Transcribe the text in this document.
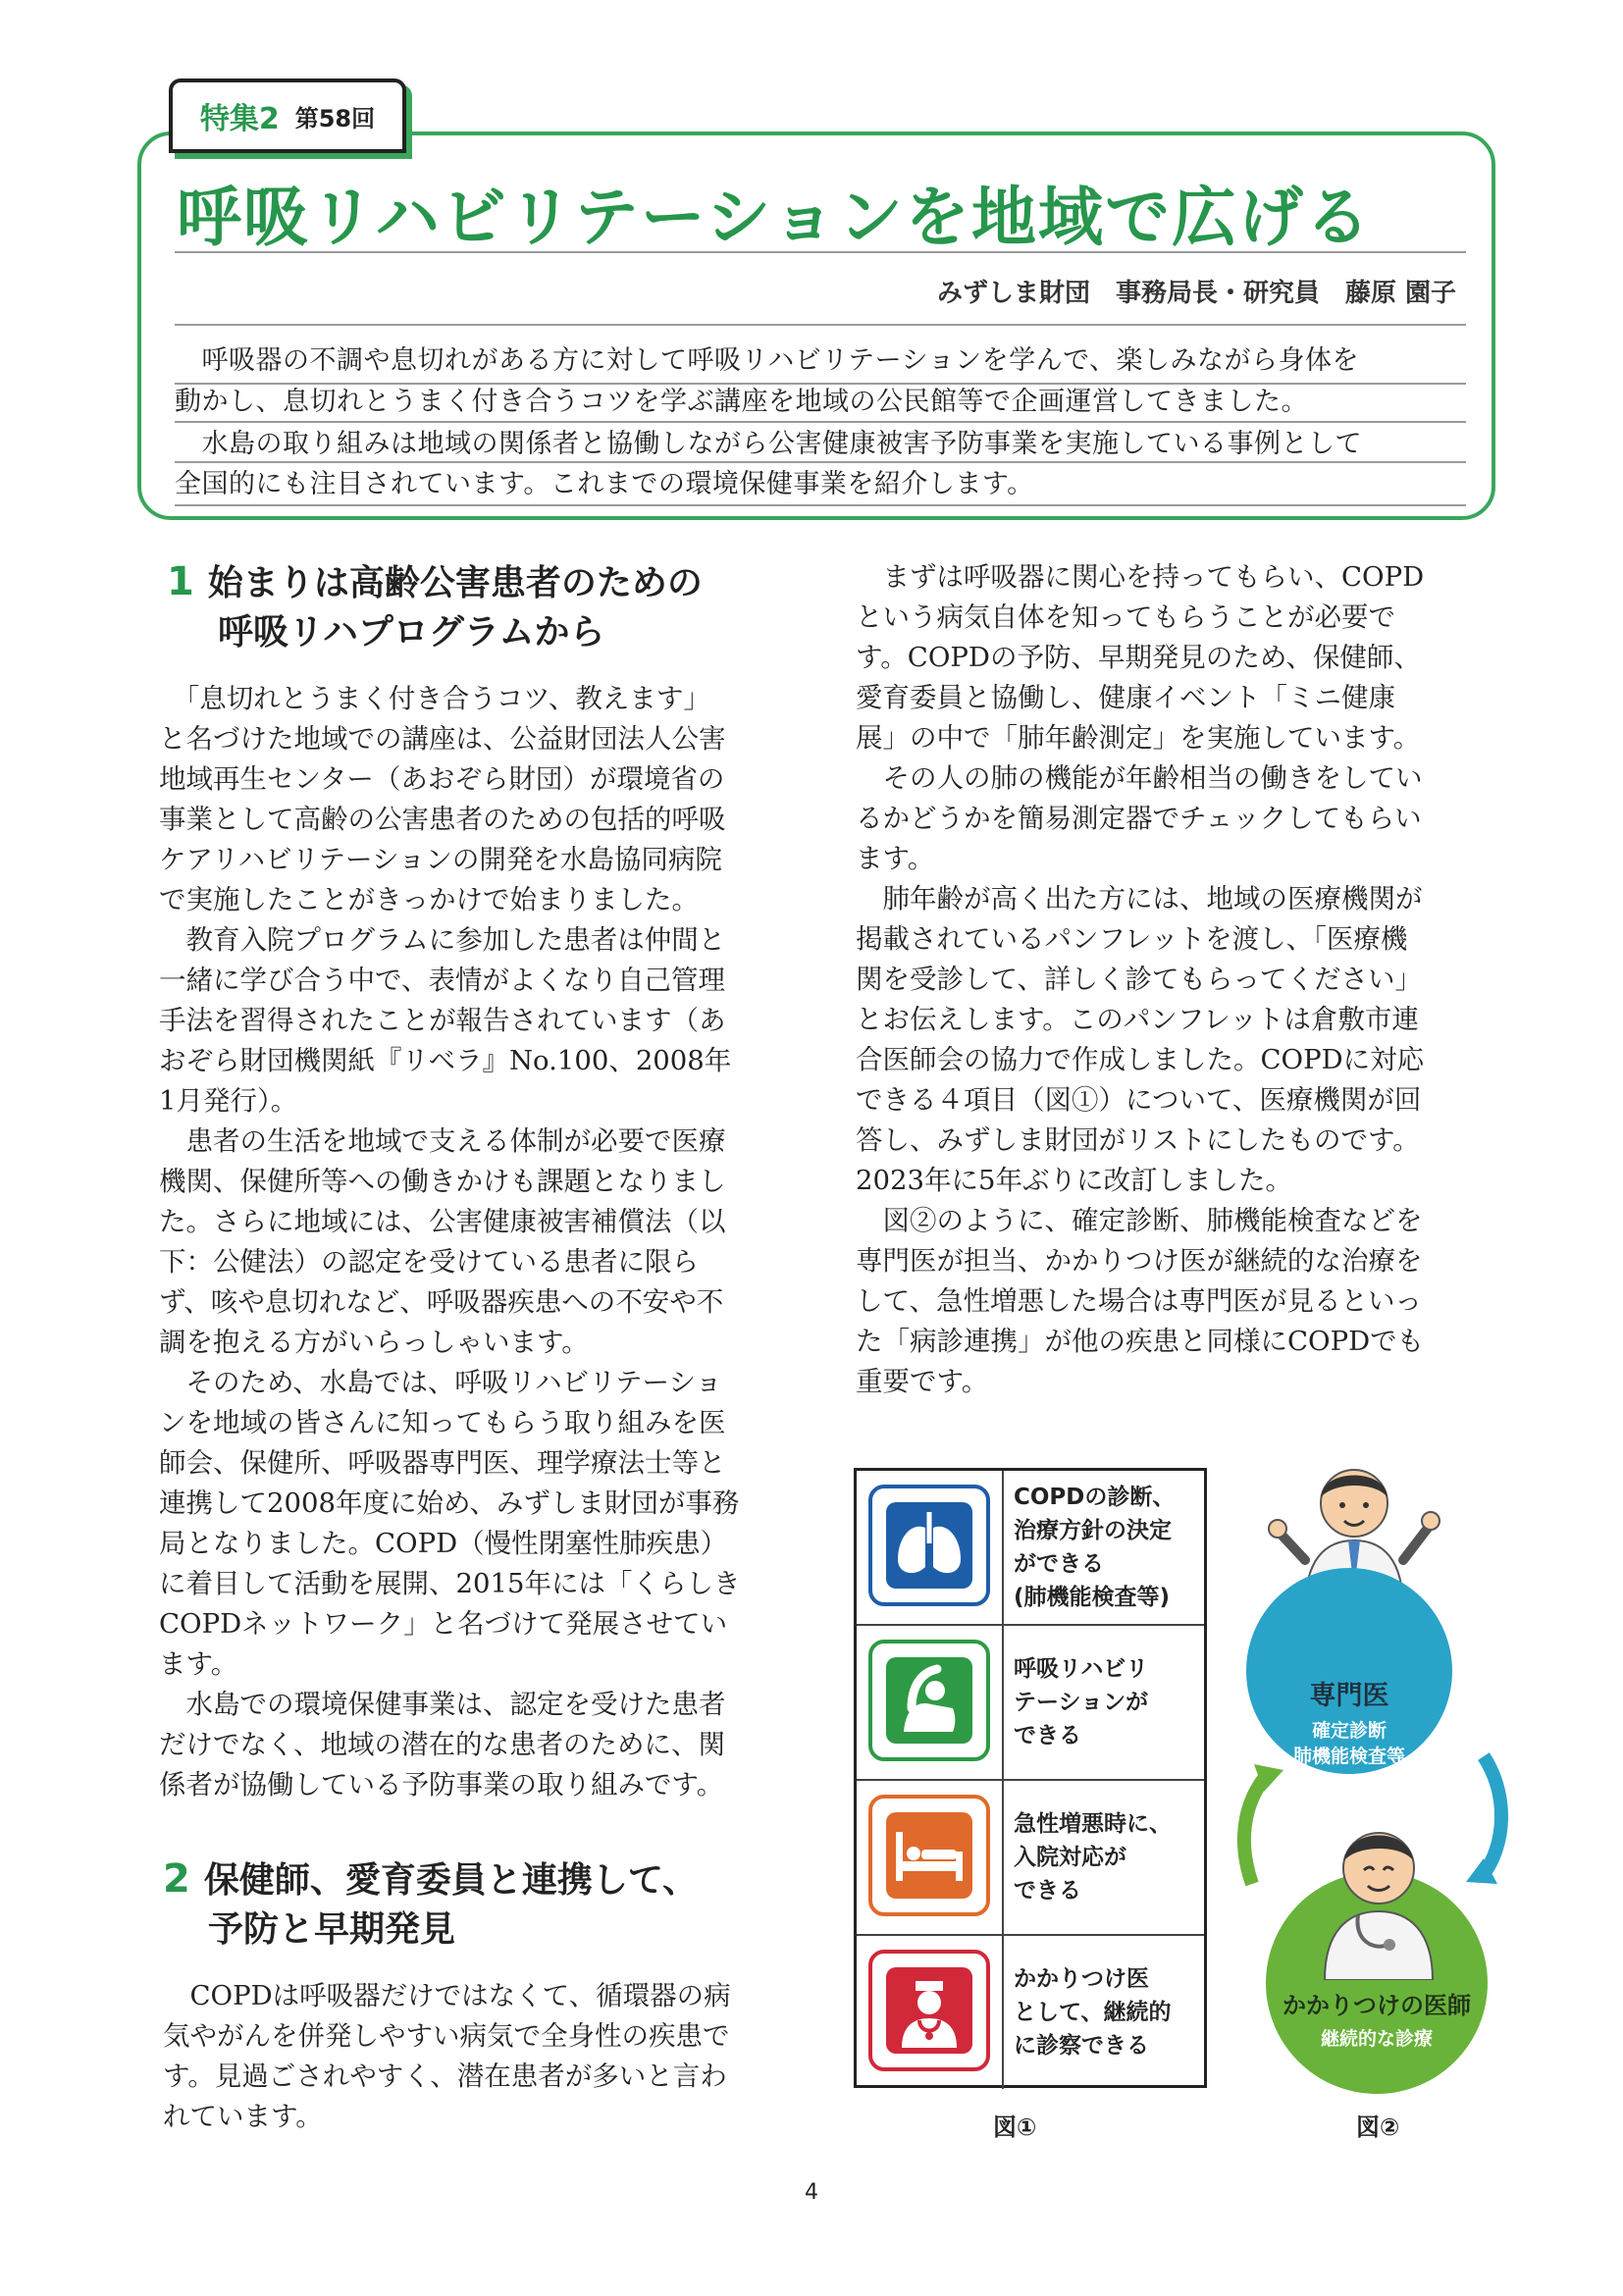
特集2 第58回
呼吸リハビリテーションを地域で広げる
みずしま財団　事務局長・研究員　藤原 園子
　呼吸器の不調や息切れがある方に対して呼吸リハビリテーションを学んで、楽しみながら身体を
動かし、息切れとうまく付き合うコツを学ぶ講座を地域の公民館等で企画運営してきました。
　水島の取り組みは地域の関係者と協働しながら公害健康被害予防事業を実施している事例として
全国的にも注目されています。これまでの環境保健事業を紹介します。
1 始まりは高齢公害患者のための
呼吸リハプログラムから

　「息切れとうまく付き合うコツ、教えます」

と名づけた地域での講座は、公益財団法人公害

地域再生センター（あおぞら財団）が環境省の

事業として高齢の公害患者のための包括的呼吸

ケアリハビリテーションの開発を水島協同病院

で実施したことがきっかけで始まりました。

　教育入院プログラムに参加した患者は仲間と

一緒に学び合う中で、表情がよくなり自己管理

手法を習得されたことが報告されています（あ

おぞら財団機関紙『リベラ』No.100、2008年

1月発行）。

　患者の生活を地域で支える体制が必要で医療

機関、保健所等への働きかけも課題となりまし

た。さらに地域には、公害健康被害補償法（以

下：公健法）の認定を受けている患者に限ら

ず、咳や息切れなど、呼吸器疾患への不安や不

調を抱える方がいらっしゃいます。

　そのため、水島では、呼吸リハビリテーショ

ンを地域の皆さんに知ってもらう取り組みを医

師会、保健所、呼吸器専門医、理学療法士等と

連携して2008年度に始め、みずしま財団が事務

局となりました。COPD（慢性閉塞性肺疾患）

に着目して活動を展開、2015年には「くらしき

COPDネットワーク」と名づけて発展させてい

ます。

　水島での環境保健事業は、認定を受けた患者

だけでなく、地域の潜在的な患者のために、関

係者が協働している予防事業の取り組みです。

2 保健師、愛育委員と連携して、
予防と早期発見

　COPDは呼吸器だけではなくて、循環器の病

気やがんを併発しやすい病気で全身性の疾患で

す。見過ごされやすく、潜在患者が多いと言わ

れています。

　まずは呼吸器に関心を持ってもらい、COPD

という病気自体を知ってもらうことが必要で

す。COPDの予防、早期発見のため、保健師、

愛育委員と協働し、健康イベント「ミニ健康

展」の中で「肺年齢測定」を実施しています。

　その人の肺の機能が年齢相当の働きをしてい

るかどうかを簡易測定器でチェックしてもらい

ます。

　肺年齢が高く出た方には、地域の医療機関が

掲載されているパンフレットを渡し、「医療機

関を受診して、詳しく診てもらってください」

とお伝えします。このパンフレットは倉敷市連

合医師会の協力で作成しました。COPDに対応

できる４項目（図①）について、医療機関が回

答し、みずしま財団がリストにしたものです。

2023年に5年ぶりに改訂しました。

　図②のように、確定診断、肺機能検査などを

専門医が担当、かかりつけ医が継続的な治療を

して、急性増悪した場合は専門医が見るといっ

た「病診連携」が他の疾患と同様にCOPDでも

重要です。

COPDの診断、
治療方針の決定
ができる
(肺機能検査等)
呼吸リハビリ
テーションが
できる
急性増悪時に、
入院対応が
できる
かかりつけ医
として、継続的
に診察できる
図①
専門医
確定診断
肺機能検査等
かかりつけの医師
継続的な診療
図②
4
